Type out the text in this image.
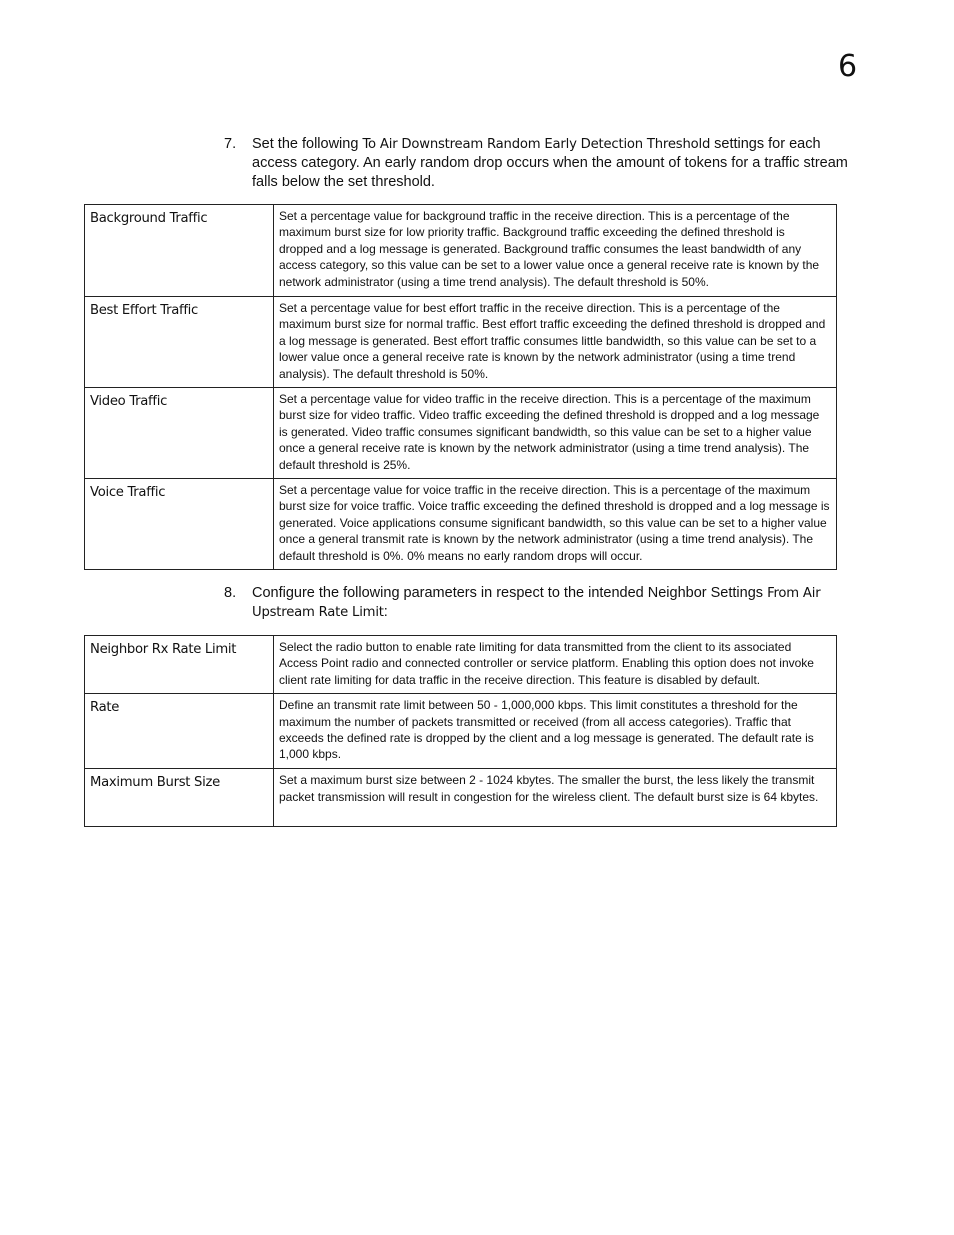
6
7. Set the following To Air Downstream Random Early Detection Threshold settings for each access category. An early random drop occurs when the amount of tokens for a traffic stream falls below the set threshold.
Background Traffic	Set a percentage value for background traffic in the receive direction. This is a percentage of the maximum burst size for low priority traffic. Background traffic exceeding the defined threshold is dropped and a log message is generated. Background traffic consumes the least bandwidth of any access category, so this value can be set to a lower value once a general receive rate is known by the network administrator (using a time trend analysis). The default threshold is 50%.
Best Effort Traffic	Set a percentage value for best effort traffic in the receive direction. This is a percentage of the maximum burst size for normal traffic. Best effort traffic exceeding the defined threshold is dropped and a log message is generated. Best effort traffic consumes little bandwidth, so this value can be set to a lower value once a general receive rate is known by the network administrator (using a time trend analysis). The default threshold is 50%.
Video Traffic	Set a percentage value for video traffic in the receive direction. This is a percentage of the maximum burst size for video traffic. Video traffic exceeding the defined threshold is dropped and a log message is generated. Video traffic consumes significant bandwidth, so this value can be set to a higher value once a general receive rate is known by the network administrator (using a time trend analysis). The default threshold is 25%.
Voice Traffic	Set a percentage value for voice traffic in the receive direction. This is a percentage of the maximum burst size for voice traffic. Voice traffic exceeding the defined threshold is dropped and a log message is generated. Voice applications consume significant bandwidth, so this value can be set to a higher value once a general transmit rate is known by the network administrator (using a time trend analysis). The default threshold is 0%. 0% means no early random drops will occur.
8. Configure the following parameters in respect to the intended Neighbor Settings From Air Upstream Rate Limit:
Neighbor Rx Rate Limit	Select the radio button to enable rate limiting for data transmitted from the client to its associated Access Point radio and connected controller or service platform. Enabling this option does not invoke client rate limiting for data traffic in the receive direction. This feature is disabled by default.
Rate	Define an transmit rate limit between 50 - 1,000,000 kbps. This limit constitutes a threshold for the maximum the number of packets transmitted or received (from all access categories). Traffic that exceeds the defined rate is dropped by the client and a log message is generated. The default rate is 1,000 kbps.
Maximum Burst Size	Set a maximum burst size between 2 - 1024 kbytes. The smaller the burst, the less likely the transmit packet transmission will result in congestion for the wireless client. The default burst size is 64 kbytes.
